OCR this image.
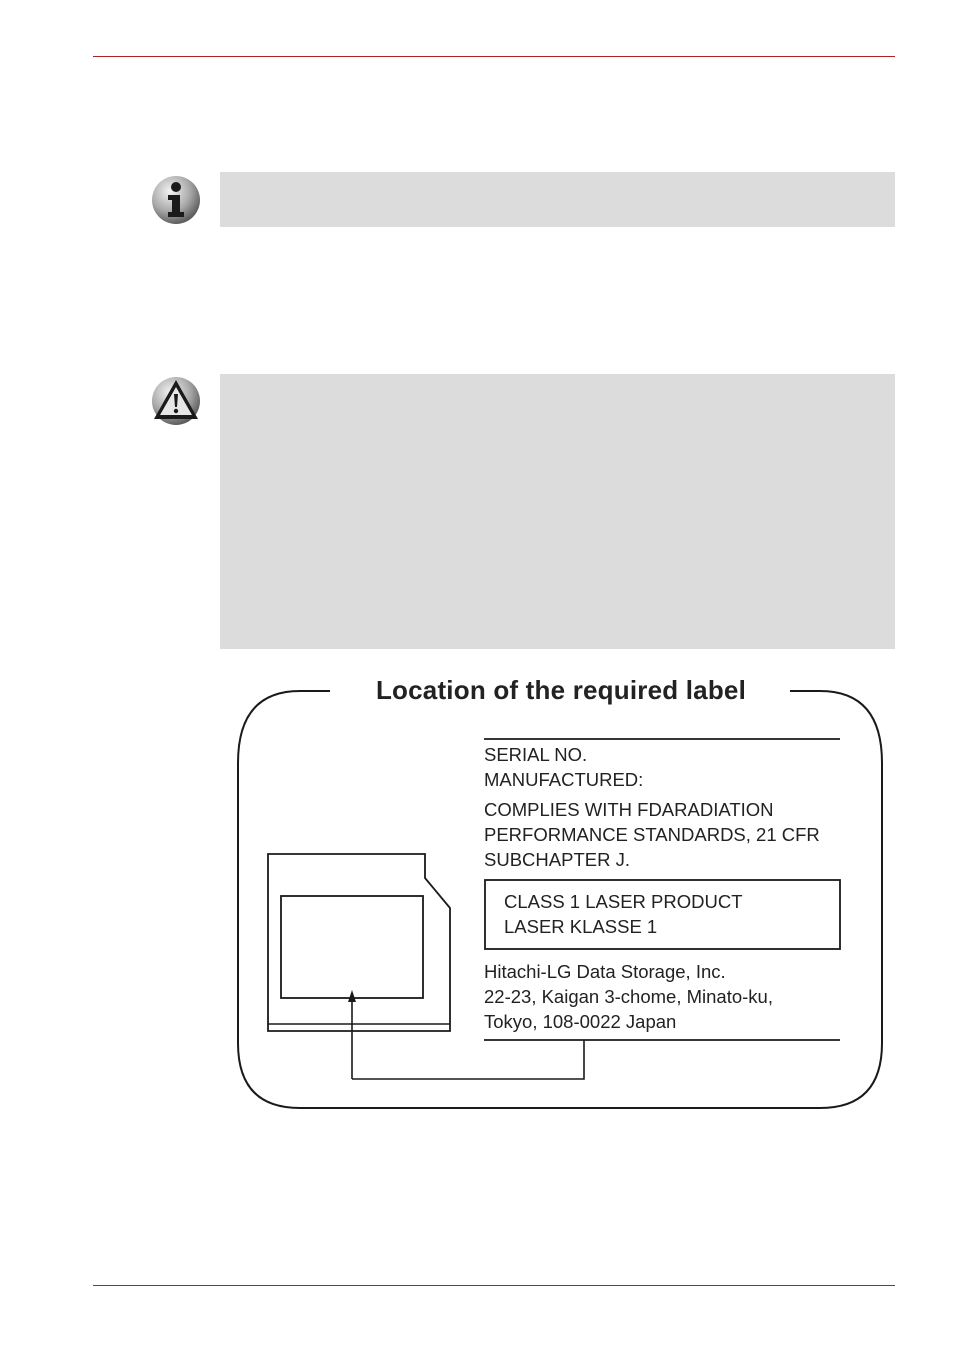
Location of the required label
SERIAL NO.
MANUFACTURED:
COMPLIES WITH FDARADIATION
PERFORMANCE STANDARDS, 21 CFR
SUBCHAPTER J.
CLASS 1 LASER PRODUCT
LASER KLASSE 1
Hitachi-LG Data Storage, Inc.
22-23, Kaigan 3-chome, Minato-ku,
Tokyo, 108-0022 Japan
